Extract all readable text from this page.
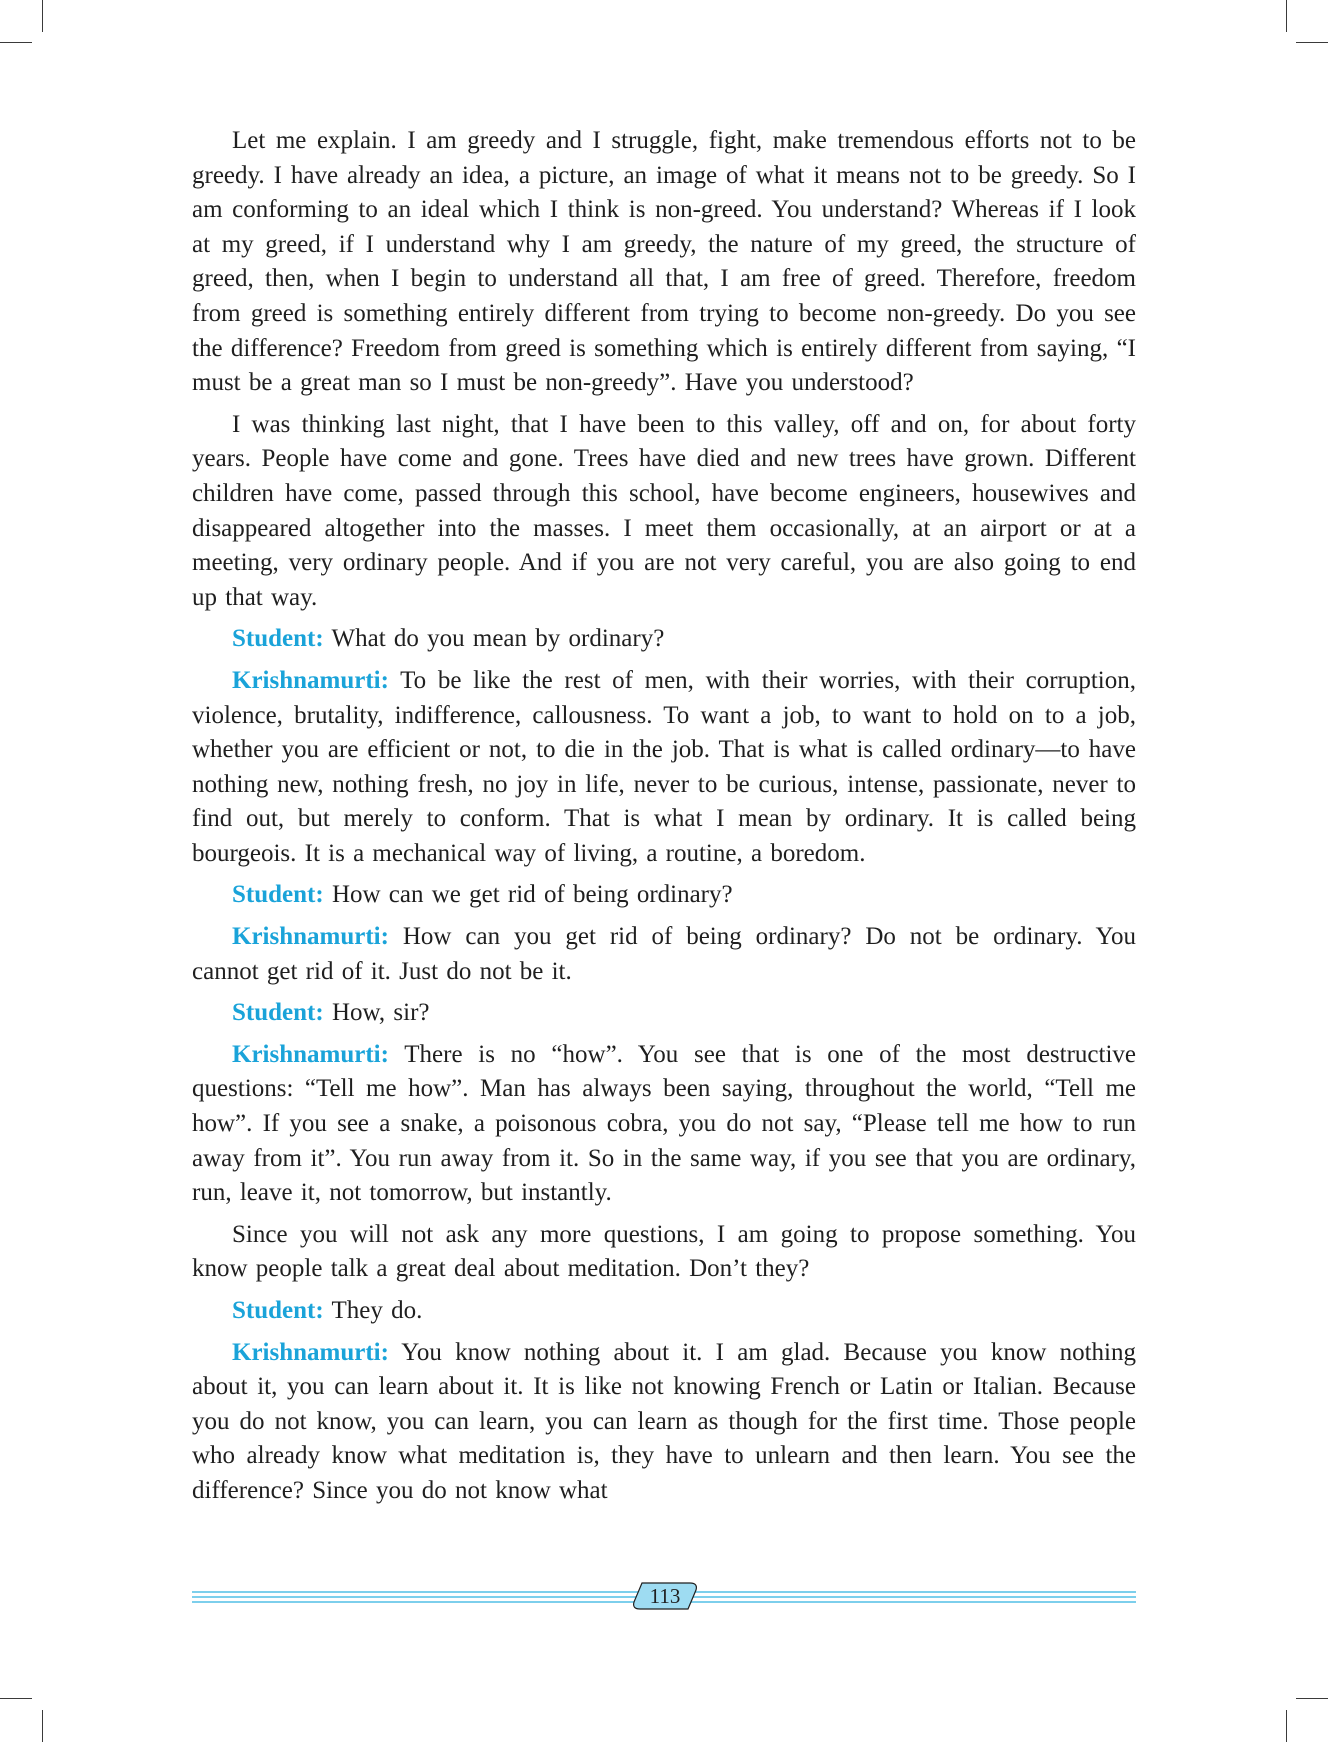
Let me explain. I am greedy and I struggle, fight, make tremendous efforts not to be greedy. I have already an idea, a picture, an image of what it means not to be greedy. So I am conforming to an ideal which I think is non-greed. You understand? Whereas if I look at my greed, if I understand why I am greedy, the nature of my greed, the structure of greed, then, when I begin to understand all that, I am free of greed. Therefore, freedom from greed is something entirely different from trying to become non-greedy. Do you see the difference? Freedom from greed is something which is entirely different from saying, “I must be a great man so I must be non-greedy”. Have you understood?

I was thinking last night, that I have been to this valley, off and on, for about forty years. People have come and gone. Trees have died and new trees have grown. Different children have come, passed through this school, have become engineers, housewives and disappeared altogether into the masses. I meet them occasionally, at an airport or at a meeting, very ordinary people. And if you are not very careful, you are also going to end up that way.

Student: What do you mean by ordinary?

Krishnamurti: To be like the rest of men, with their worries, with their corruption, violence, brutality, indifference, callousness. To want a job, to want to hold on to a job, whether you are efficient or not, to die in the job. That is what is called ordinary—to have nothing new, nothing fresh, no joy in life, never to be curious, intense, passionate, never to find out, but merely to conform. That is what I mean by ordinary. It is called being bourgeois. It is a mechanical way of living, a routine, a boredom.

Student: How can we get rid of being ordinary?

Krishnamurti: How can you get rid of being ordinary? Do not be ordinary. You cannot get rid of it. Just do not be it.

Student: How, sir?

Krishnamurti: There is no “how”. You see that is one of the most destructive questions: “Tell me how”. Man has always been saying, throughout the world, “Tell me how”. If you see a snake, a poisonous cobra, you do not say, “Please tell me how to run away from it”. You run away from it. So in the same way, if you see that you are ordinary, run, leave it, not tomorrow, but instantly.

Since you will not ask any more questions, I am going to propose something. You know people talk a great deal about meditation. Don’t they?

Student: They do.

Krishnamurti: You know nothing about it. I am glad. Because you know nothing about it, you can learn about it. It is like not knowing French or Latin or Italian. Because you do not know, you can learn, you can learn as though for the first time. Those people who already know what meditation is, they have to unlearn and then learn. You see the difference? Since you do not know what

113
